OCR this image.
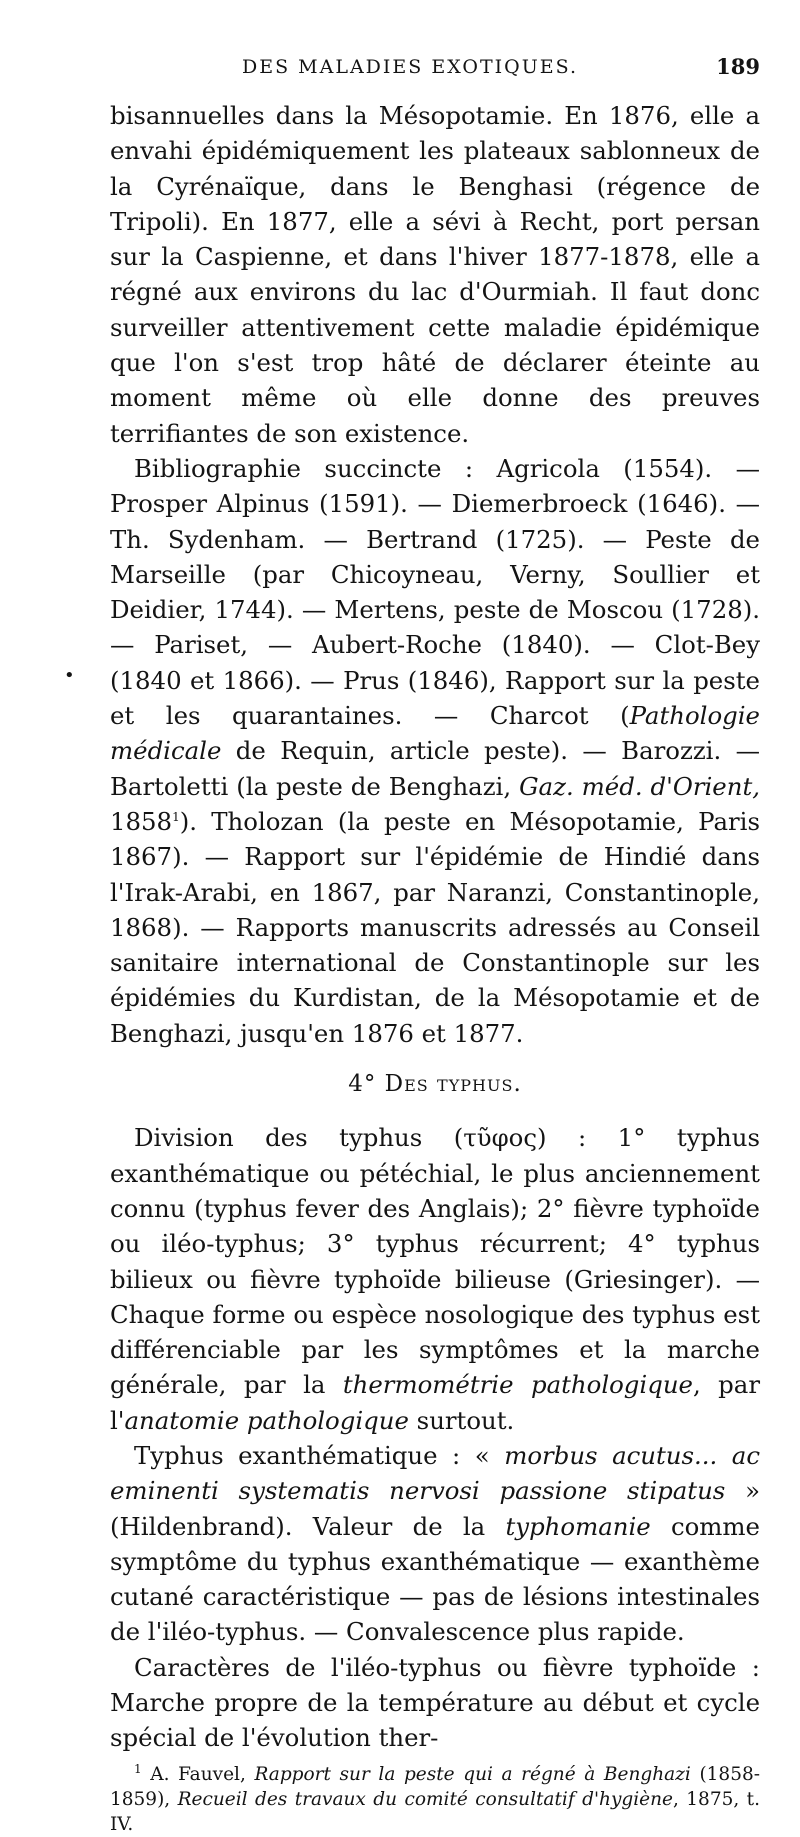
DES MALADIES EXOTIQUES.	189
•

bisannuelles dans la Mésopotamie. En 1876, elle a envahi épidémiquement les plateaux sablonneux de la Cyrénaïque, dans le Benghasi (régence de Tripoli). En 1877, elle a sévi à Recht, port persan sur la Caspienne, et dans l'hiver 1877-1878, elle a régné aux environs du lac d'Ourmiah. Il faut donc surveiller attentivement cette maladie épidémique que l'on s'est trop hâté de déclarer éteinte au moment même où elle donne des preuves terrifiantes de son existence.

Bibliographie succincte : Agricola (1554). — Prosper Alpinus (1591). — Diemerbroeck (1646). — Th. Sydenham. — Bertrand (1725). — Peste de Marseille (par Chicoyneau, Verny, Soullier et Deidier, 1744). — Mertens, peste de Moscou (1728). — Pariset, — Aubert-Roche (1840). — Clot-Bey (1840 et 1866). — Prus (1846), Rapport sur la peste et les quarantaines. — Charcot (Pathologie médicale de Requin, article peste). — Barozzi. — Bartoletti (la peste de Benghazi, Gaz. méd. d'Orient, 1858$^1$). Tholozan (la peste en Mésopotamie, Paris 1867). — Rapport sur l'épidémie de Hindié dans l'Irak-Arabi, en 1867, par Naranzi, Constantinople, 1868). — Rapports manuscrits adressés au Conseil sanitaire international de Constantinople sur les épidémies du Kurdistan, de la Mésopotamie et de Benghazi, jusqu'en 1876 et 1877.

4° Des typhus.

Division des typhus (τῦφος) : 1° typhus exanthématique ou pétéchial, le plus anciennement connu (typhus fever des Anglais); 2° fièvre typhoïde ou iléo-typhus; 3° typhus récurrent; 4° typhus bilieux ou fièvre typhoïde bilieuse (Griesinger). — Chaque forme ou espèce nosologique des typhus est différenciable par les symptômes et la marche générale, par la thermométrie pathologique, par l'anatomie pathologique surtout.

Typhus exanthématique : « morbus acutus... ac eminenti systematis nervosi passione stipatus » (Hildenbrand). Valeur de la typhomanie comme symptôme du typhus exanthématique — exanthème cutané caractéristique — pas de lésions intestinales de l'iléo-typhus. — Convalescence plus rapide.

Caractères de l'iléo-typhus ou fièvre typhoïde : Marche propre de la température au début et cycle spécial de l'évolution ther-

$^1$ A. Fauvel, Rapport sur la peste qui a régné à Benghazi (1858-1859), Recueil des travaux du comité consultatif d'hygiène, 1875, t. IV.
